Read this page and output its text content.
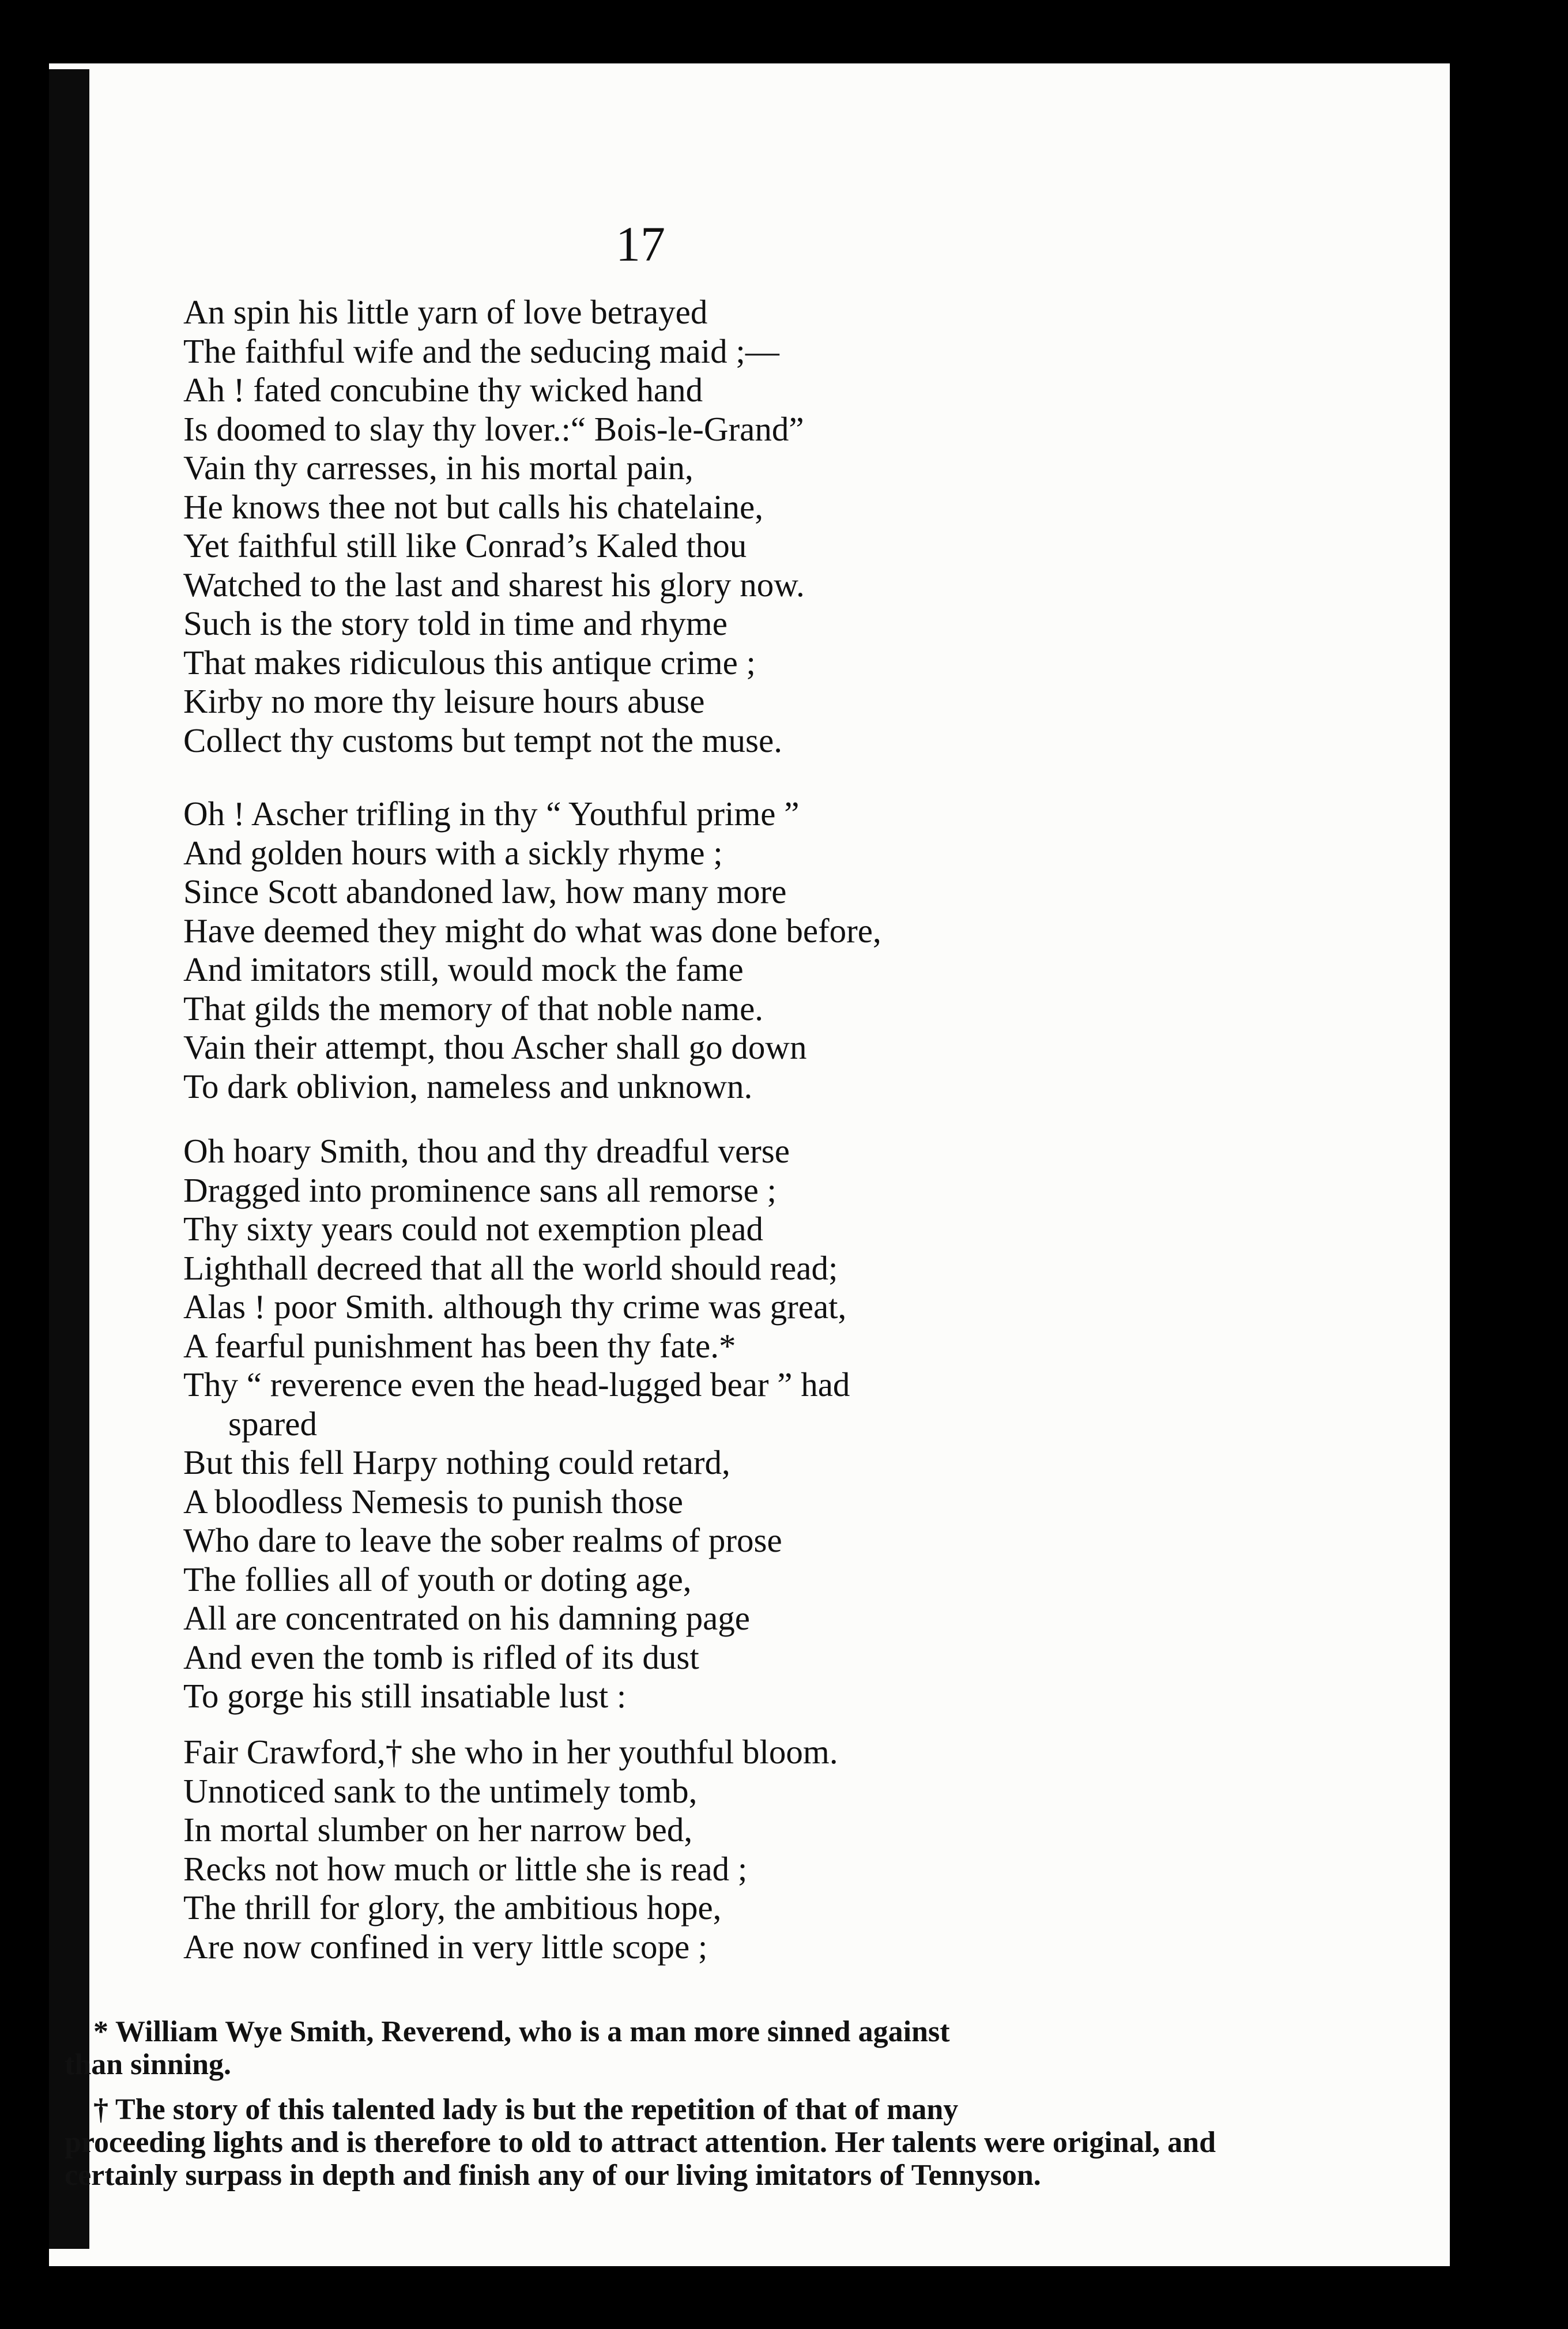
17
An spin his little yarn of love betrayed
The faithful wife and the seducing maid ;—
Ah ! fated concubine thy wicked hand
Is doomed to slay thy lover.:“ Bois-le-Grand”
Vain thy carresses, in his mortal pain,
He knows thee not but calls his chatelaine,
Yet faithful still like Conrad’s Kaled thou
Watched to the last and sharest his glory now.
Such is the story told in time and rhyme
That makes ridiculous this antique crime ;
Kirby no more thy leisure hours abuse
Collect thy customs but tempt not the muse.
Oh ! Ascher trifling in thy “ Youthful prime ”
And golden hours with a sickly rhyme ;
Since Scott abandoned law, how many more
Have deemed they might do what was done before,
And imitators still, would mock the fame
That gilds the memory of that noble name.
Vain their attempt, thou Ascher shall go down
To dark oblivion, nameless and unknown.
Oh hoary Smith, thou and thy dreadful verse
Dragged into prominence sans all remorse ;
Thy sixty years could not exemption plead
Lighthall decreed that all the world should read;
Alas ! poor Smith. although thy crime was great,
A fearful punishment has been thy fate.*
Thy “ reverence even the head-lugged bear ” had
spared
But this fell Harpy nothing could retard,
A bloodless Nemesis to punish those
Who dare to leave the sober realms of prose
The follies all of youth or doting age,
All are concentrated on his damning page
And even the tomb is rifled of its dust
To gorge his still insatiable lust :
Fair Crawford,† she who in her youthful bloom.
Unnoticed sank to the untimely tomb,
In mortal slumber on her narrow bed,
Recks not how much or little she is read ;
The thrill for glory, the ambitious hope,
Are now confined in very little scope ;

* William Wye Smith, Reverend, who is a man more sinned against

than sinning.

† The story of this talented lady is but the repetition of that of many

proceeding lights and is therefore to old to attract attention. Her talents were original, and certainly surpass in depth and finish any of our living imitators of Tennyson.
